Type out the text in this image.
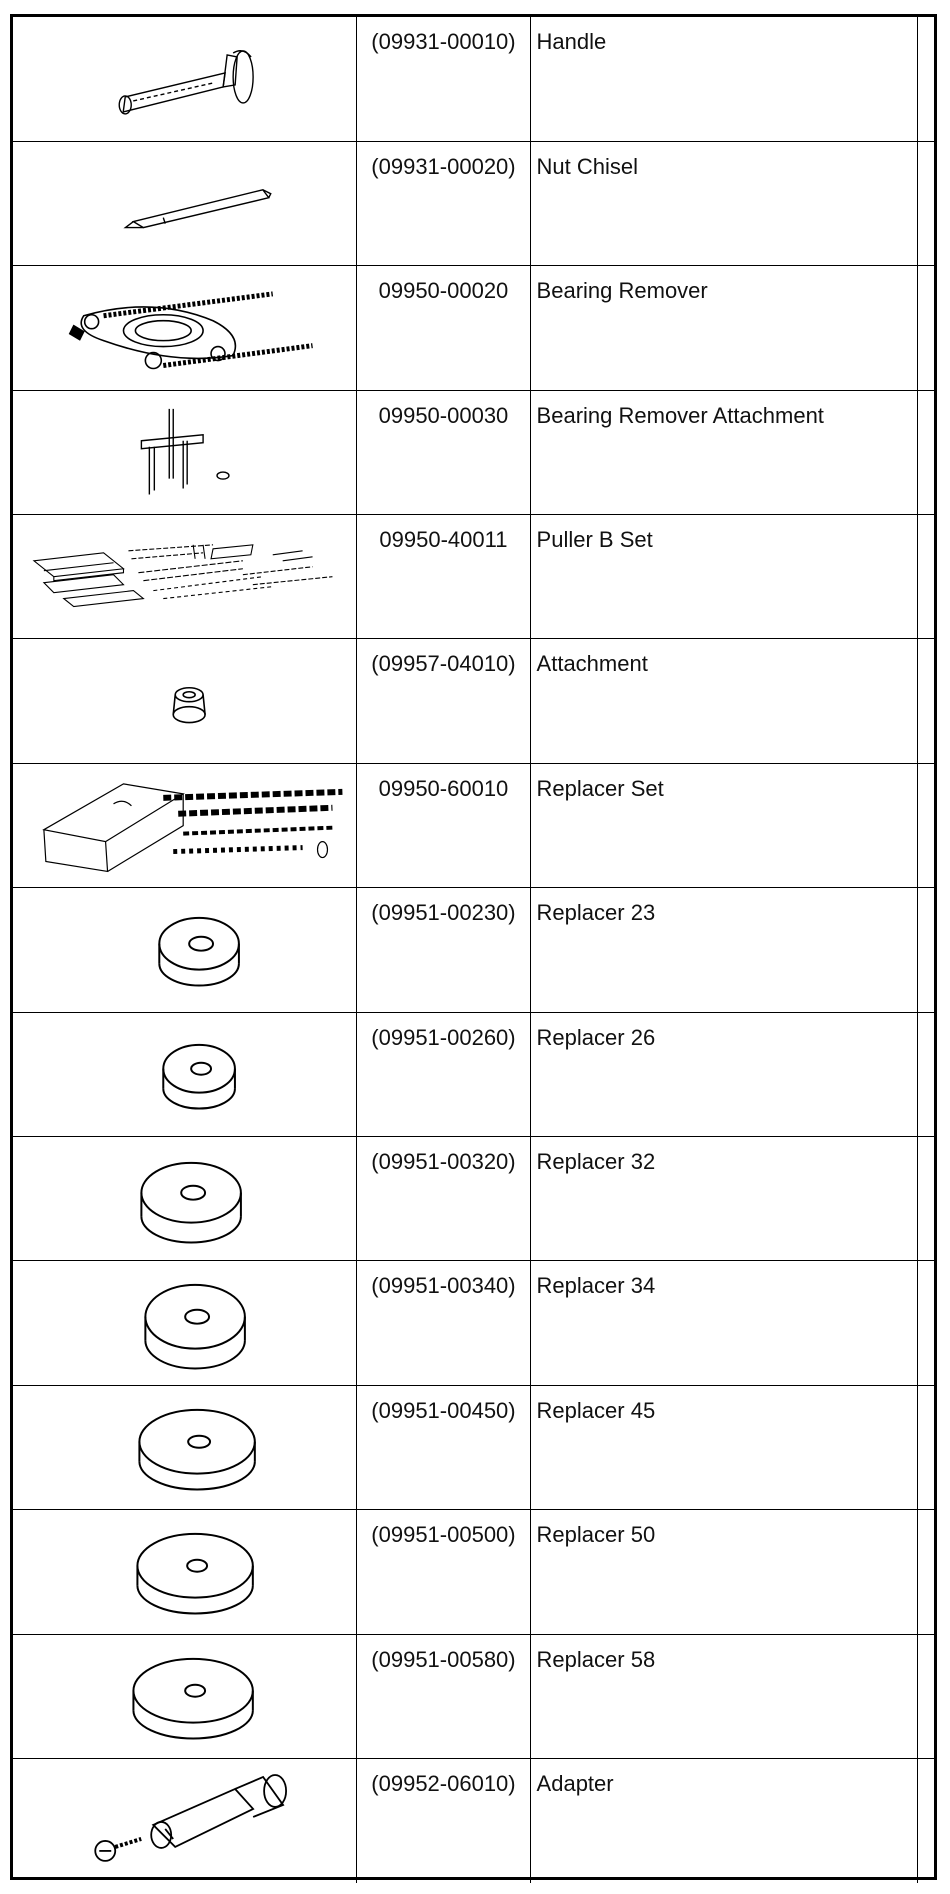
	(09931-00010)	Handle	

	(09931-00020)	Nut Chisel	

	09950-00020	Bearing Remover	

	09950-00030	Bearing Remover Attachment	

	09950-40011	Puller B Set	

	(09957-04010)	Attachment	

	09950-60010	Replacer Set	

	(09951-00230)	Replacer 23	

	(09951-00260)	Replacer 26	

	(09951-00320)	Replacer 32	

	(09951-00340)	Replacer 34	

	(09951-00450)	Replacer 45	

	(09951-00500)	Replacer 50	

	(09951-00580)	Replacer 58	

	(09952-06010)	Adapter	
